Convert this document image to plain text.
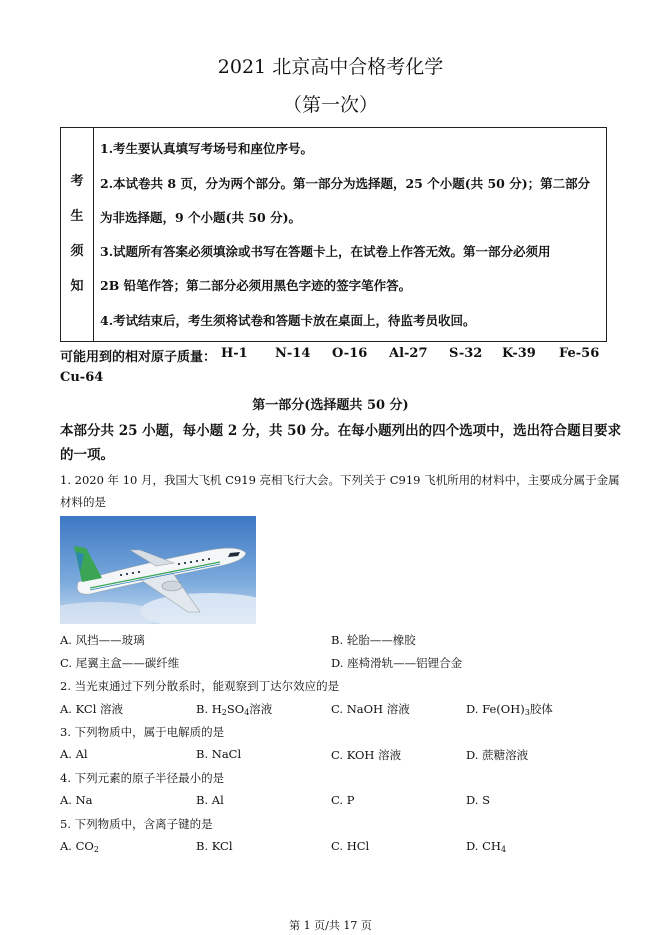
2021 北京高中合格考化学
（第一次）
考
生
须
知
1.考生要认真填写考场号和座位序号。
2.本试卷共 8 页，分为两个部分。第一部分为选择题，25 个小题(共 50 分)；第二部分
为非选择题，9 个小题(共 50 分)。
3.试题所有答案必须填涂或书写在答题卡上，在试卷上作答无效。第一部分必须用
2B 铅笔作答；第二部分必须用黑色字迹的签字笔作答。
4.考试结束后，考生须将试卷和答题卡放在桌面上，待监考员收回。
可能用到的相对原子质量： H-1 N-14 O-16 Al-27 S-32 K-39 Fe-56
Cu-64
第一部分(选择题共 50 分)
本部分共 25 小题，每小题 2 分，共 50 分。在每小题列出的四个选项中，选出符合题目要求
的一项。
1. 2020 年 10 月，我国大飞机 C919 亮相飞行大会。下列关于 C919 飞机所用的材料中，主要成分属于金属
材料的是
A. 风挡——玻璃	B. 轮胎——橡胶
C. 尾翼主盒——碳纤维	D. 座椅滑轨——铝锂合金
2. 当光束通过下列分散系时，能观察到丁达尔效应的是
A. KCl 溶液	B. $H_2SO_4$溶液	C. NaOH 溶液	D. $Fe(OH)_3$胶体
3. 下列物质中，属于电解质的是
A. Al	B. NaCl	C. KOH 溶液	D. 蔗糖溶液
4. 下列元素的原子半径最小的是
A. Na	B. Al	C. P	D. S
5. 下列物质中，含离子键的是
A. $CO_2$	B. KCl	C. HCl	D. $CH_4$
第 1 页/共 17 页
